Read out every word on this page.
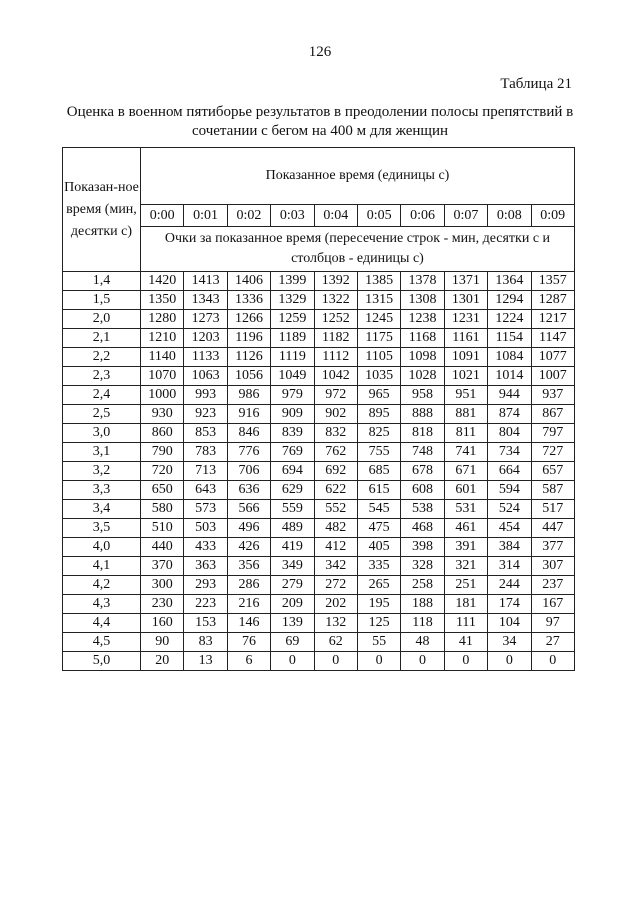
126
Таблица 21
Оценка в военном пятиборье результатов в преодолении полосы препятствий в сочетании с бегом на 400 м для женщин
Показан-ное время (мин, десятки с)	Показанное время (единицы с)									
	0:00	0:01	0:02	0:03	0:04	0:05	0:06	0:07	0:08	0:09
	Очки за показанное время (пересечение строк - мин, десятки с и столбцов - единицы с)									
1,4	1420	1413	1406	1399	1392	1385	1378	1371	1364	1357
1,5	1350	1343	1336	1329	1322	1315	1308	1301	1294	1287
2,0	1280	1273	1266	1259	1252	1245	1238	1231	1224	1217
2,1	1210	1203	1196	1189	1182	1175	1168	1161	1154	1147
2,2	1140	1133	1126	1119	1112	1105	1098	1091	1084	1077
2,3	1070	1063	1056	1049	1042	1035	1028	1021	1014	1007
2,4	1000	993	986	979	972	965	958	951	944	937
2,5	930	923	916	909	902	895	888	881	874	867
3,0	860	853	846	839	832	825	818	811	804	797
3,1	790	783	776	769	762	755	748	741	734	727
3,2	720	713	706	694	692	685	678	671	664	657
3,3	650	643	636	629	622	615	608	601	594	587
3,4	580	573	566	559	552	545	538	531	524	517
3,5	510	503	496	489	482	475	468	461	454	447
4,0	440	433	426	419	412	405	398	391	384	377
4,1	370	363	356	349	342	335	328	321	314	307
4,2	300	293	286	279	272	265	258	251	244	237
4,3	230	223	216	209	202	195	188	181	174	167
4,4	160	153	146	139	132	125	118	111	104	97
4,5	90	83	76	69	62	55	48	41	34	27
5,0	20	13	6	0	0	0	0	0	0	0
